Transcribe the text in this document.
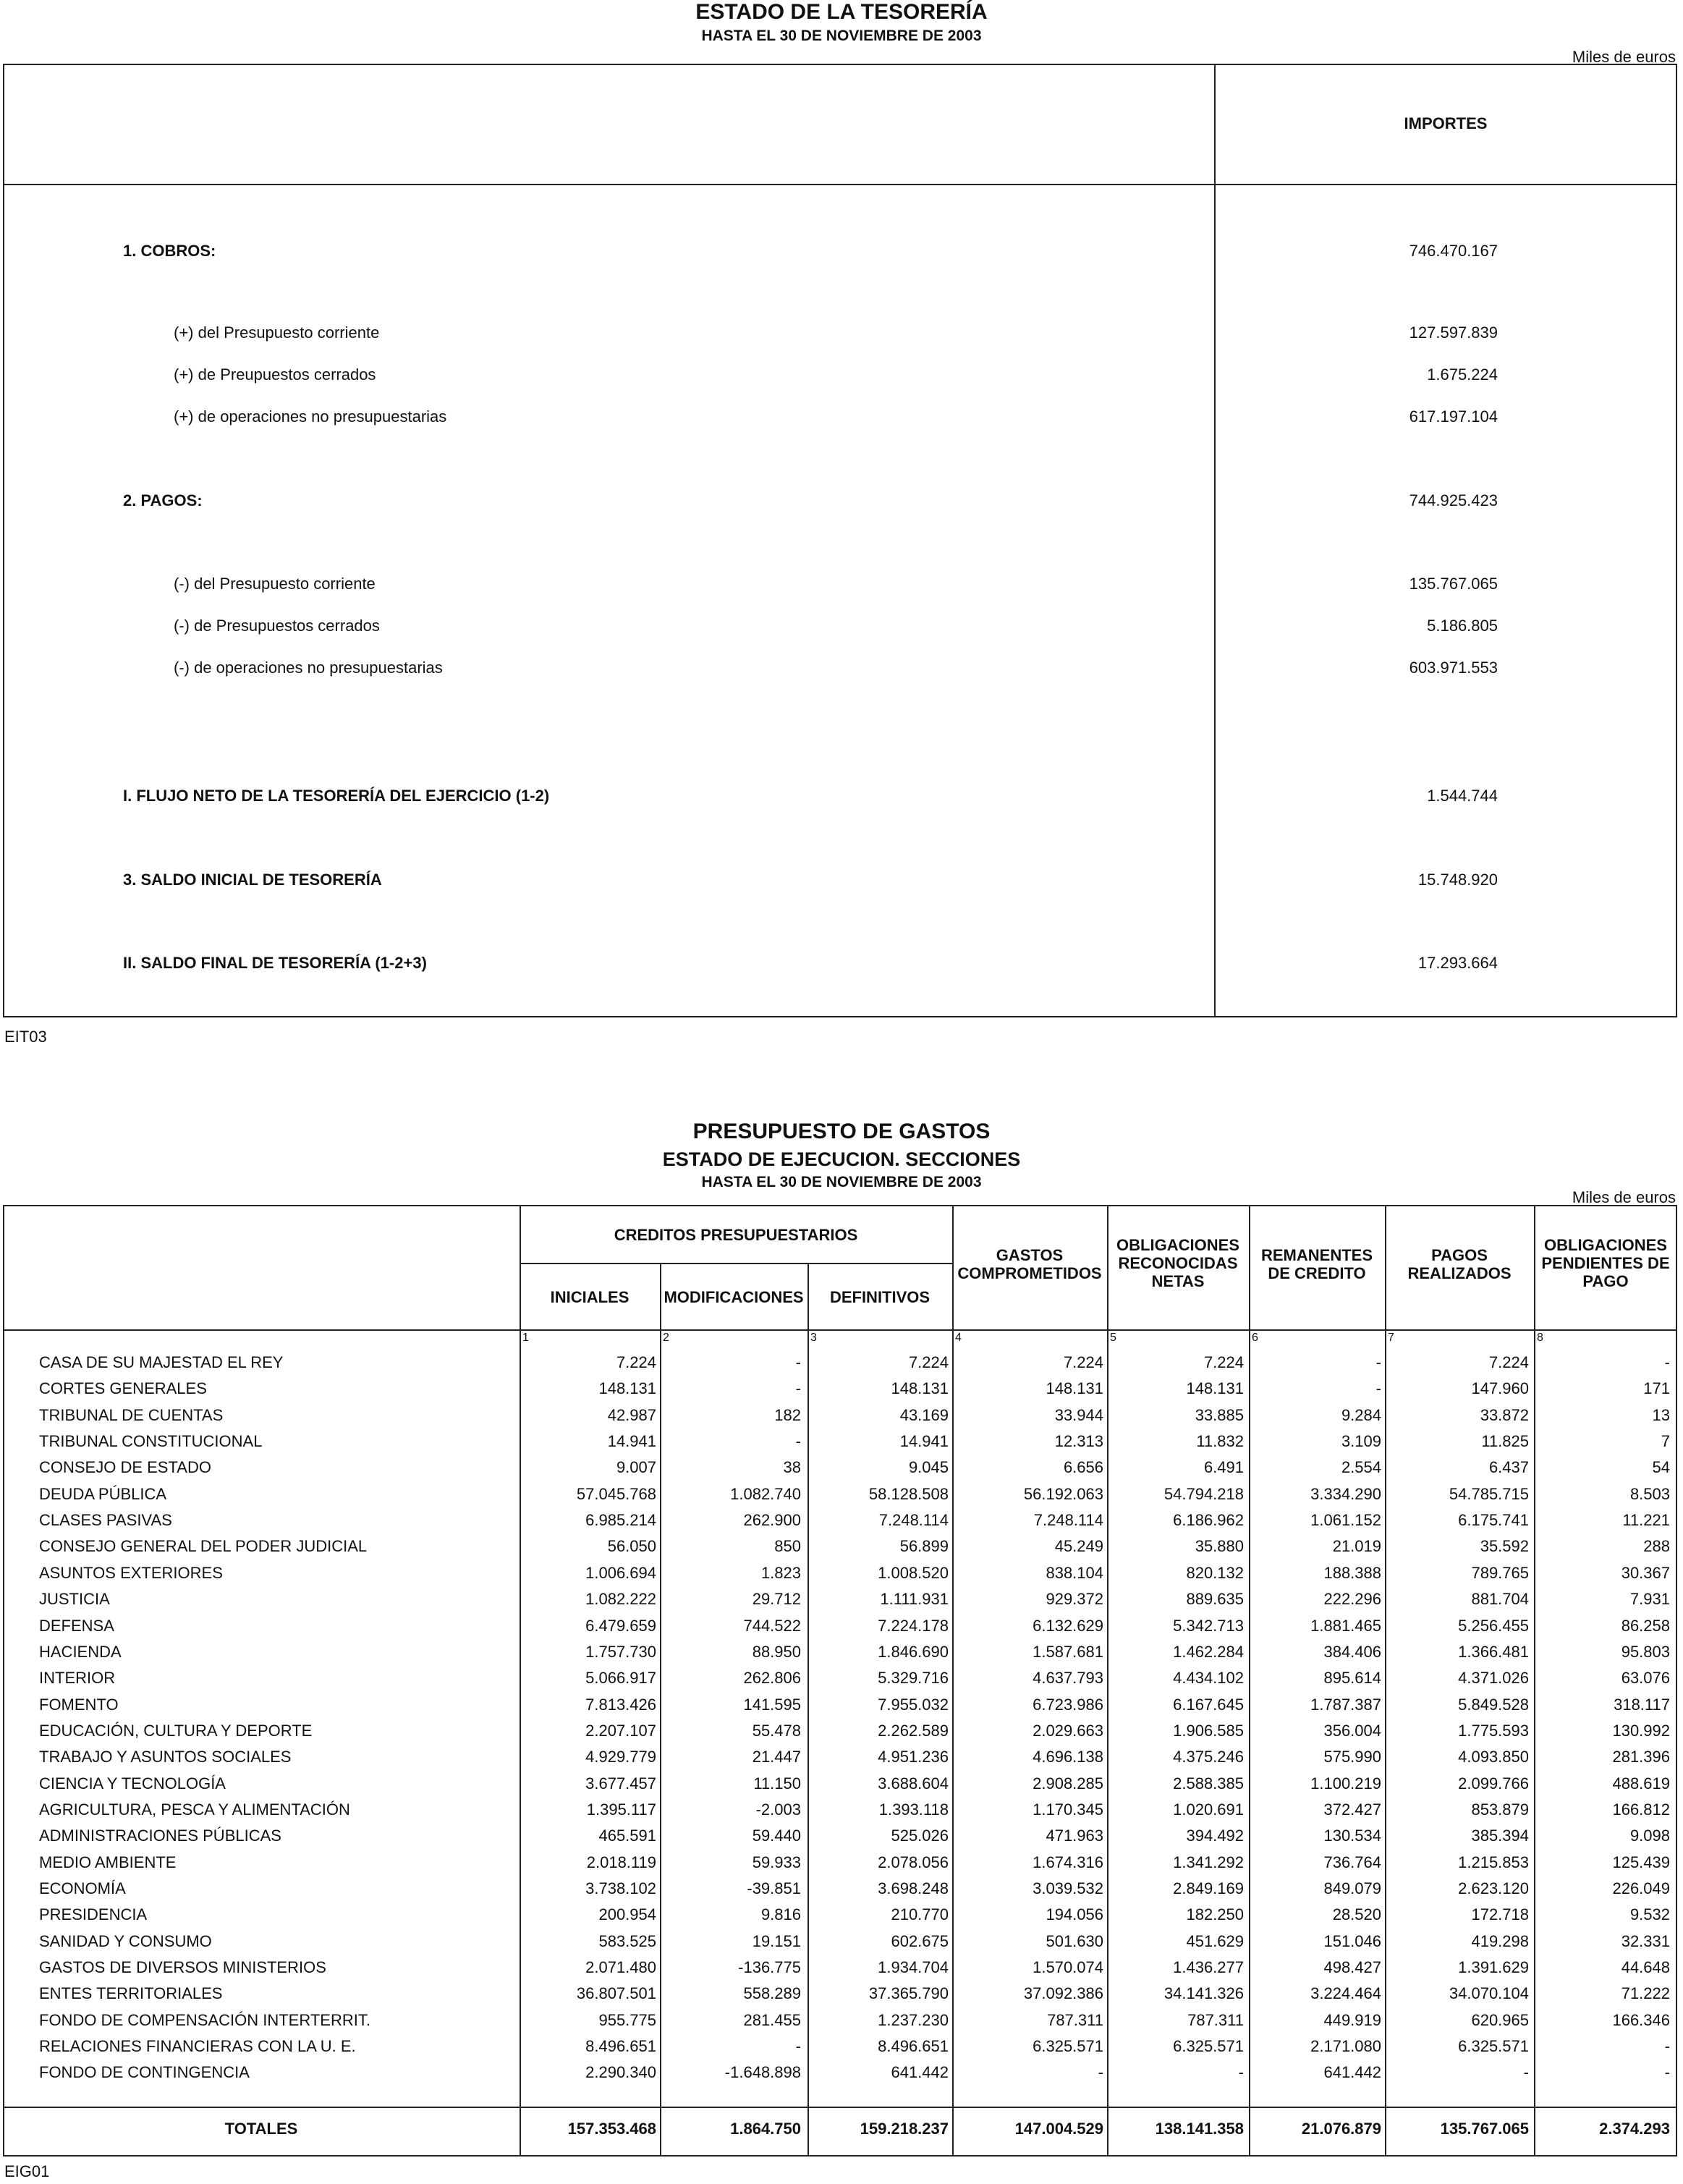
ESTADO DE LA TESORERÍA
HASTA EL 30 DE NOVIEMBRE DE 2003
Miles de euros
IMPORTES
1. COBROS:	746.470.167
(+) del Presupuesto corriente	127.597.839
(+) de Preupuestos cerrados	1.675.224
(+) de operaciones no presupuestarias	617.197.104
2. PAGOS:	744.925.423
(-) del Presupuesto corriente	135.767.065
(-) de Presupuestos cerrados	5.186.805
(-) de operaciones no presupuestarias	603.971.553
I. FLUJO NETO DE LA TESORERÍA DEL EJERCICIO (1-2)	1.544.744
3. SALDO INICIAL DE TESORERÍA	15.748.920
II. SALDO FINAL DE TESORERÍA (1-2+3)	17.293.664
EIT03
PRESUPUESTO DE GASTOS
ESTADO DE EJECUCION. SECCIONES
HASTA EL 30 DE NOVIEMBRE DE 2003
Miles de euros
CREDITOS PRESUPUESTARIOS
INICIALES	MODIFICACIONES	DEFINITIVOS
GASTOS
COMPROMETIDOS
OBLIGACIONES
RECONOCIDAS
NETAS
REMANENTES
DE CREDITO
PAGOS
REALIZADOS
OBLIGACIONES
PENDIENTES DE
PAGO
1	2	3	4	5	6	7	8
CASA DE SU MAJESTAD EL REY	7.224	-	7.224	7.224	7.224	-	7.224	-
CORTES GENERALES	148.131	-	148.131	148.131	148.131	-	147.960	171
TRIBUNAL DE CUENTAS	42.987	182	43.169	33.944	33.885	9.284	33.872	13
TRIBUNAL CONSTITUCIONAL	14.941	-	14.941	12.313	11.832	3.109	11.825	7
CONSEJO DE ESTADO	9.007	38	9.045	6.656	6.491	2.554	6.437	54
DEUDA PÚBLICA	57.045.768	1.082.740	58.128.508	56.192.063	54.794.218	3.334.290	54.785.715	8.503
CLASES PASIVAS	6.985.214	262.900	7.248.114	7.248.114	6.186.962	1.061.152	6.175.741	11.221
CONSEJO GENERAL DEL PODER JUDICIAL	56.050	850	56.899	45.249	35.880	21.019	35.592	288
ASUNTOS EXTERIORES	1.006.694	1.823	1.008.520	838.104	820.132	188.388	789.765	30.367
JUSTICIA	1.082.222	29.712	1.111.931	929.372	889.635	222.296	881.704	7.931
DEFENSA	6.479.659	744.522	7.224.178	6.132.629	5.342.713	1.881.465	5.256.455	86.258
HACIENDA	1.757.730	88.950	1.846.690	1.587.681	1.462.284	384.406	1.366.481	95.803
INTERIOR	5.066.917	262.806	5.329.716	4.637.793	4.434.102	895.614	4.371.026	63.076
FOMENTO	7.813.426	141.595	7.955.032	6.723.986	6.167.645	1.787.387	5.849.528	318.117
EDUCACIÓN, CULTURA Y DEPORTE	2.207.107	55.478	2.262.589	2.029.663	1.906.585	356.004	1.775.593	130.992
TRABAJO Y ASUNTOS SOCIALES	4.929.779	21.447	4.951.236	4.696.138	4.375.246	575.990	4.093.850	281.396
CIENCIA Y TECNOLOGÍA	3.677.457	11.150	3.688.604	2.908.285	2.588.385	1.100.219	2.099.766	488.619
AGRICULTURA, PESCA Y ALIMENTACIÓN	1.395.117	-2.003	1.393.118	1.170.345	1.020.691	372.427	853.879	166.812
ADMINISTRACIONES PÚBLICAS	465.591	59.440	525.026	471.963	394.492	130.534	385.394	9.098
MEDIO AMBIENTE	2.018.119	59.933	2.078.056	1.674.316	1.341.292	736.764	1.215.853	125.439
ECONOMÍA	3.738.102	-39.851	3.698.248	3.039.532	2.849.169	849.079	2.623.120	226.049
PRESIDENCIA	200.954	9.816	210.770	194.056	182.250	28.520	172.718	9.532
SANIDAD Y CONSUMO	583.525	19.151	602.675	501.630	451.629	151.046	419.298	32.331
GASTOS DE DIVERSOS MINISTERIOS	2.071.480	-136.775	1.934.704	1.570.074	1.436.277	498.427	1.391.629	44.648
ENTES TERRITORIALES	36.807.501	558.289	37.365.790	37.092.386	34.141.326	3.224.464	34.070.104	71.222
FONDO DE COMPENSACIÓN INTERTERRIT.	955.775	281.455	1.237.230	787.311	787.311	449.919	620.965	166.346
RELACIONES FINANCIERAS CON LA U. E.	8.496.651	-	8.496.651	6.325.571	6.325.571	2.171.080	6.325.571	-
FONDO DE CONTINGENCIA	2.290.340	-1.648.898	641.442	-	-	641.442	-	-
TOTALES	157.353.468	1.864.750	159.218.237	147.004.529	138.141.358	21.076.879	135.767.065	2.374.293
EIG01
